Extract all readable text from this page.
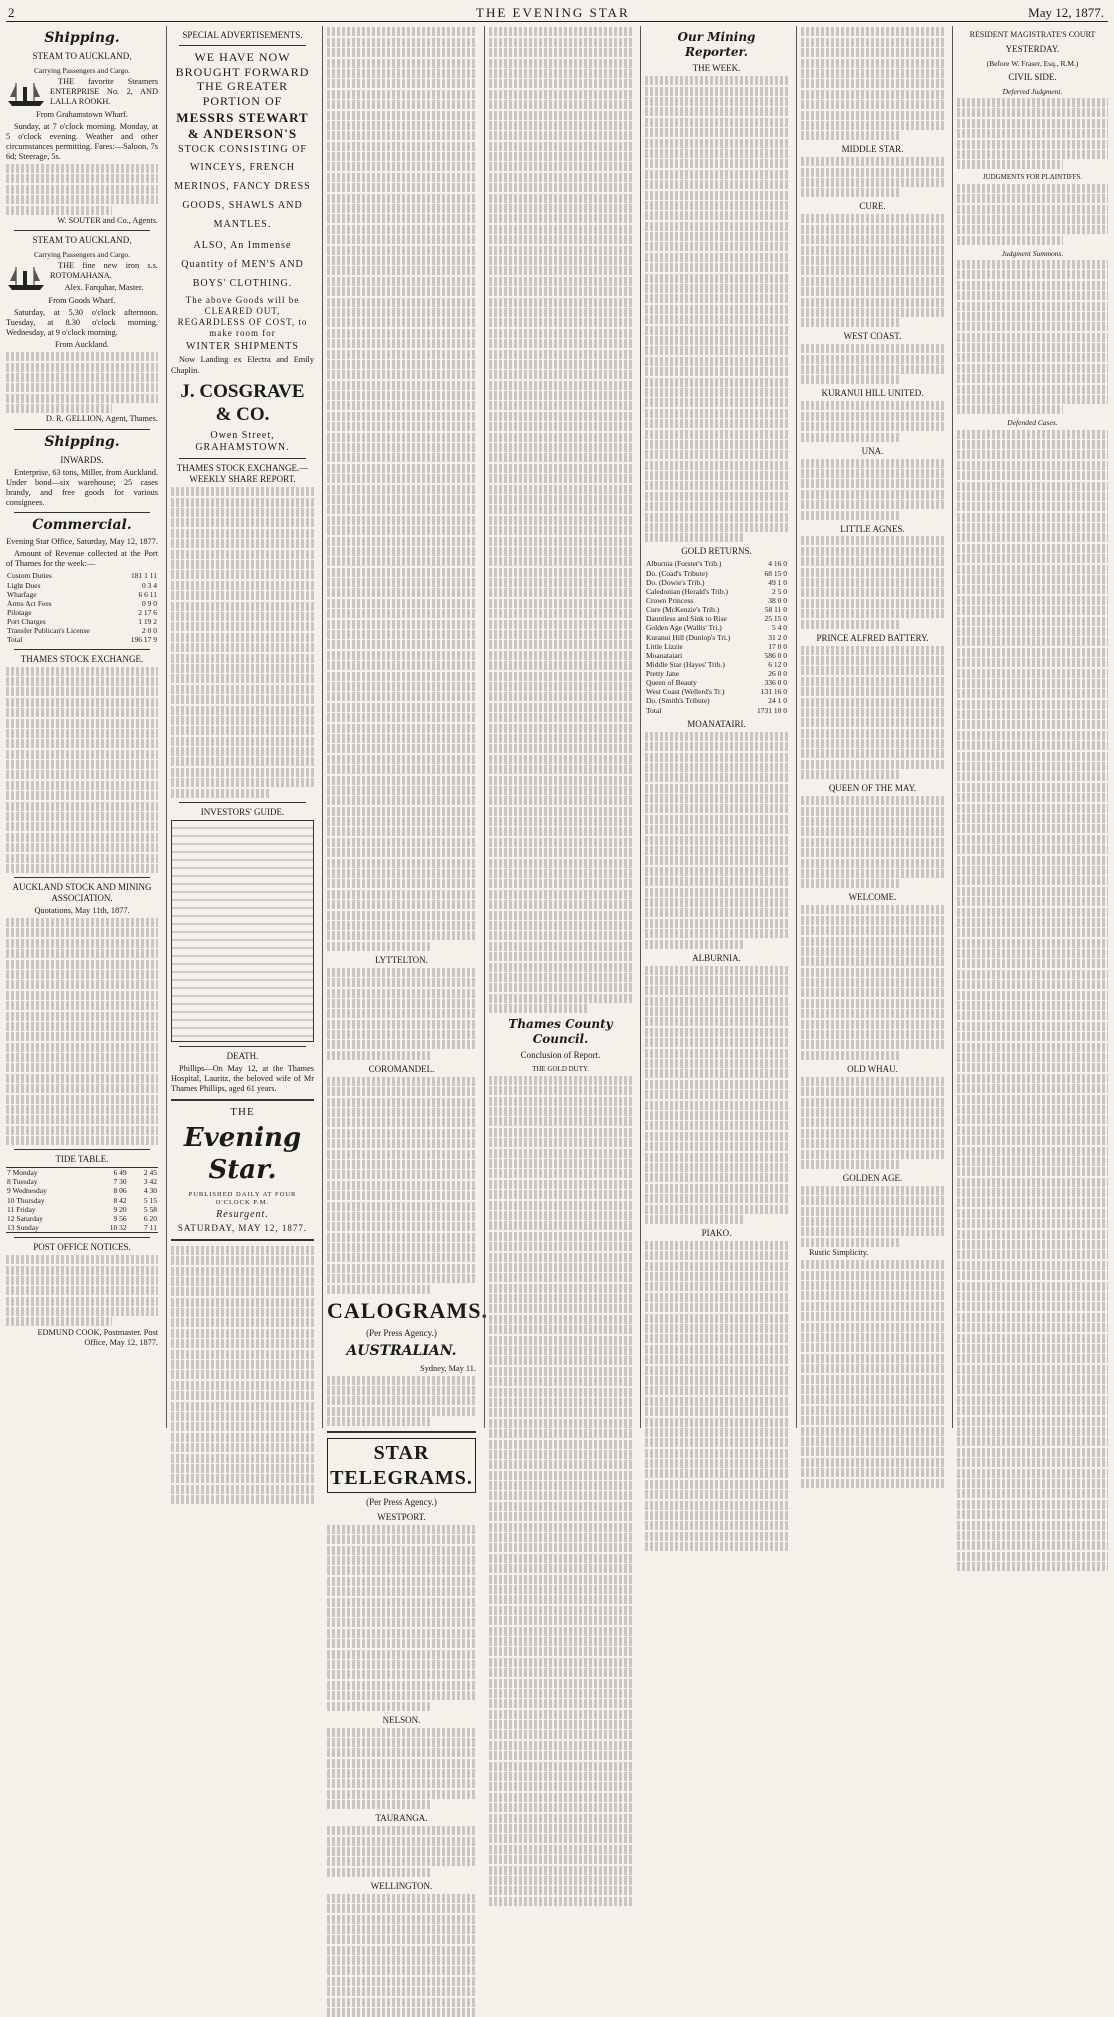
2	THE EVENING STAR	May 12, 1877.
Shipping.
STEAM TO AUCKLAND,
Carrying Passengers and Cargo.

THE favorite Steamers ENTERPRISE No. 2, AND LALLA ROOKH.

From Grahamstown Wharf.

Sunday, at 7 o'clock morning. Monday, at 5 o'clock evening. Weather and other circumstances permitting. Fares:—Saloon, 7s 6d; Steerage, 5s.

W. SOUTER and Co., Agents.

STEAM TO AUCKLAND,
Carrying Passengers and Cargo.

THE fine new iron s.s. ROTOMAHANA.

Alex. Farquhar, Master.

From Goods Wharf.

Saturday, at 5.30 o'clock afternoon. Tuesday, at 8.30 o'clock morning. Wednesday, at 9 o'clock morning.

From Auckland.

D. R. GELLION, Agent, Thames.

Shipping.
INWARDS.

Enterprise, 63 tons, Miller, from Auckland. Under bond—six warehouse; 25 cases brandy, and free goods for various consignees.

Commercial.

Evening Star Office, Saturday, May 12, 1877.

Amount of Revenue collected at the Port of Thames for the week:—

Custom Duties	181 1 11
Light Dues	0 3 4
Wharfage	6 6 11
Arms Act Fees	0 9 0
Pilotage	2 17 6
Port Charges	1 19 2
Transfer Publican's License	2 0 0
Total	196 17 9
THAMES STOCK EXCHANGE.
AUCKLAND STOCK AND MINING ASSOCIATION.

Quotations, May 11th, 1877.

TIDE TABLE.
7 Monday	6 49	2 45
8 Tuesday	7 30	3 42
9 Wednesday	8 06	4 30
10 Thursday	8 42	5 15
11 Friday	9 20	5 58
12 Saturday	9 56	6 20
13 Sunday	10 32	7 11
POST OFFICE NOTICES.

EDMUND COOK, Postmaster. Post Office, May 12, 1877.

SPECIAL ADVERTISEMENTS.
WE HAVE NOW BROUGHT FORWARD THE GREATER PORTION OF
MESSRS STEWART & ANDERSON'S
STOCK CONSISTING OF
WINCEYS, FRENCH MERINOS, FANCY DRESS GOODS, SHAWLS AND MANTLES.
ALSO, An Immense Quantity of MEN'S AND BOYS' CLOTHING.
The above Goods will be CLEARED OUT, REGARDLESS OF COST, to make room for
WINTER SHIPMENTS

Now Landing ex Electra and Emily Chaplin.

J. COSGRAVE & CO.
Owen Street, GRAHAMSTOWN.
THAMES STOCK EXCHANGE.— WEEKLY SHARE REPORT.
INVESTORS' GUIDE.
DEATH.

Phillips—On May 12, at the Thames Hospital, Lauritz, the beloved wife of Mr Thames Phillips, aged 61 years.

THE
Evening Star.
PUBLISHED DAILY AT FOUR O'CLOCK P.M.
Resurgent.
SATURDAY, MAY 12, 1877.
LYTTELTON.
COROMANDEL.
CALOGRAMS.
(Per Press Agency.)
AUSTRALIAN.

Sydney, May 11.

STAR TELEGRAMS.
(Per Press Agency.)
WESTPORT.
NELSON.
TAURANGA.
WELLINGTON.
Thames County Council.
Conclusion of Report.
THE GOLD DUTY.
Our Mining Reporter.
THE WEEK.
GOLD RETURNS.
Alburnia (Forster's Trib.)	4 16 0
Do. (Coad's Tribute)	68 15 0
Do. (Dowie's Trib.)	49 1 0
Caledonian (Herald's Trib.)	2 5 0
Crown Princess	38 0 0
Cure (McKenzie's Trib.)	58 11 0
Dauntless and Sink to Rise	25 15 0
Golden Age (Wallis' Tri.)	5 4 0
Kuranui Hill (Dunlop's Tri.)	31 2 0
Little Lizzie	17 0 0
Moanataiari	586 0 0
Middle Star (Hayes' Trib.)	6 12 0
Pretty Jane	26 0 0
Queen of Beauty	336 0 0
West Coast (Wellerd's Tr.)	131 16 0
Do. (Smith's Tribute)	24 1 0
Total	1731 10 0
MOANATAIRI.
ALBURNIA.
PIAKO.
MIDDLE STAR.
CURE.
WEST COAST.
KURANUI HILL UNITED.
UNA.
LITTLE AGNES.
PRINCE ALFRED BATTERY.
QUEEN OF THE MAY.
WELCOME.
OLD WHAU.
GOLDEN AGE.

Rustic Simplicity.

RESIDENT MAGISTRATE'S COURT
YESTERDAY.
(Before W. Fraser, Esq., R.M.)
CIVIL SIDE.
Deferred Judgment.
JUDGMENTS FOR PLAINTIFFS.
Judgment Summons.
Defended Cases.
